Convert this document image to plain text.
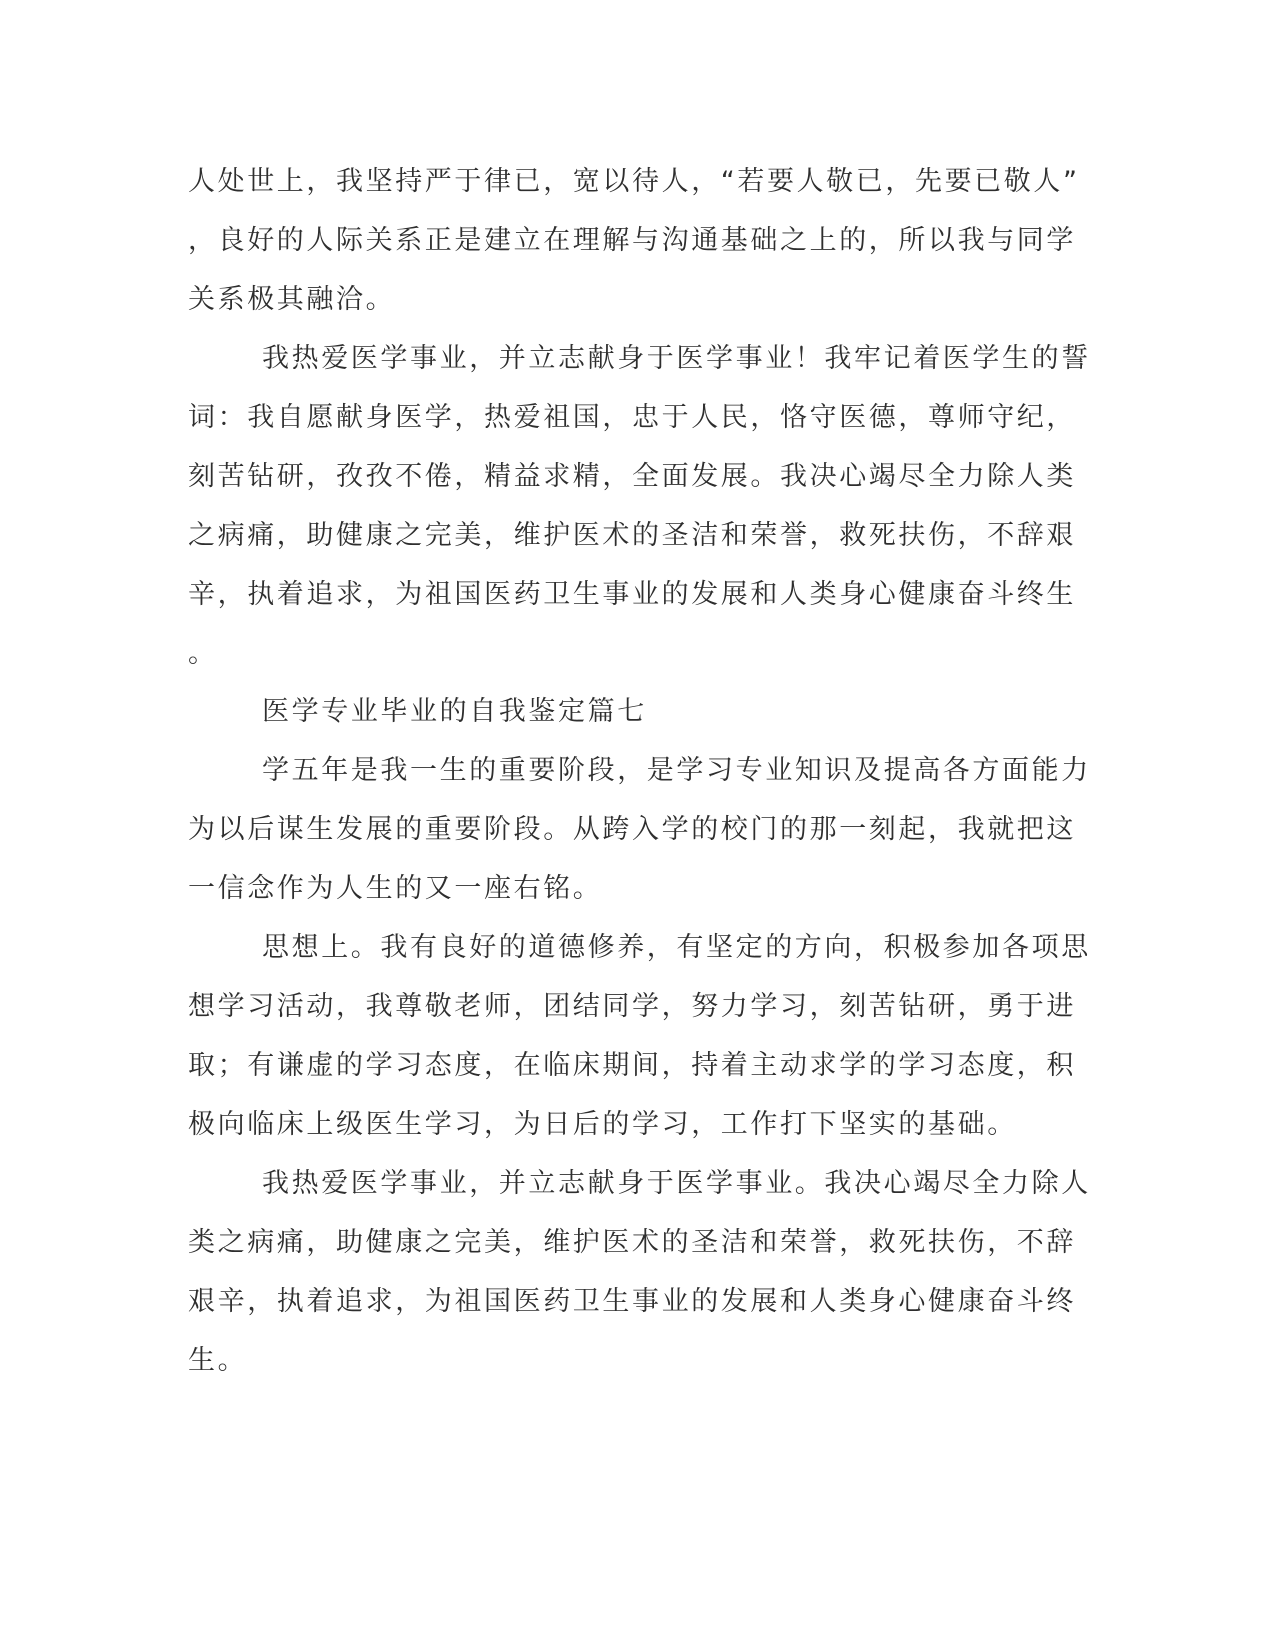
人处世上，我坚持严于律已，宽以待人，“若要人敬已，先要已敬人”
，良好的人际关系正是建立在理解与沟通基础之上的，所以我与同学
关系极其融洽。
我热爱医学事业，并立志献身于医学事业！我牢记着医学生的誓
词：我自愿献身医学，热爱祖国，忠于人民，恪守医德，尊师守纪，
刻苦钻研，孜孜不倦，精益求精，全面发展。我决心竭尽全力除人类
之病痛，助健康之完美，维护医术的圣洁和荣誉，救死扶伤，不辞艰
辛，执着追求，为祖国医药卫生事业的发展和人类身心健康奋斗终生
。
医学专业毕业的自我鉴定篇七
学五年是我一生的重要阶段，是学习专业知识及提高各方面能力
为以后谋生发展的重要阶段。从跨入学的校门的那一刻起，我就把这
一信念作为人生的又一座右铭。
思想上。我有良好的道德修养，有坚定的方向，积极参加各项思
想学习活动，我尊敬老师，团结同学，努力学习，刻苦钻研，勇于进
取；有谦虚的学习态度，在临床期间，持着主动求学的学习态度，积
极向临床上级医生学习，为日后的学习，工作打下坚实的基础。
我热爱医学事业，并立志献身于医学事业。我决心竭尽全力除人
类之病痛，助健康之完美，维护医术的圣洁和荣誉，救死扶伤，不辞
艰辛，执着追求，为祖国医药卫生事业的发展和人类身心健康奋斗终
生。
